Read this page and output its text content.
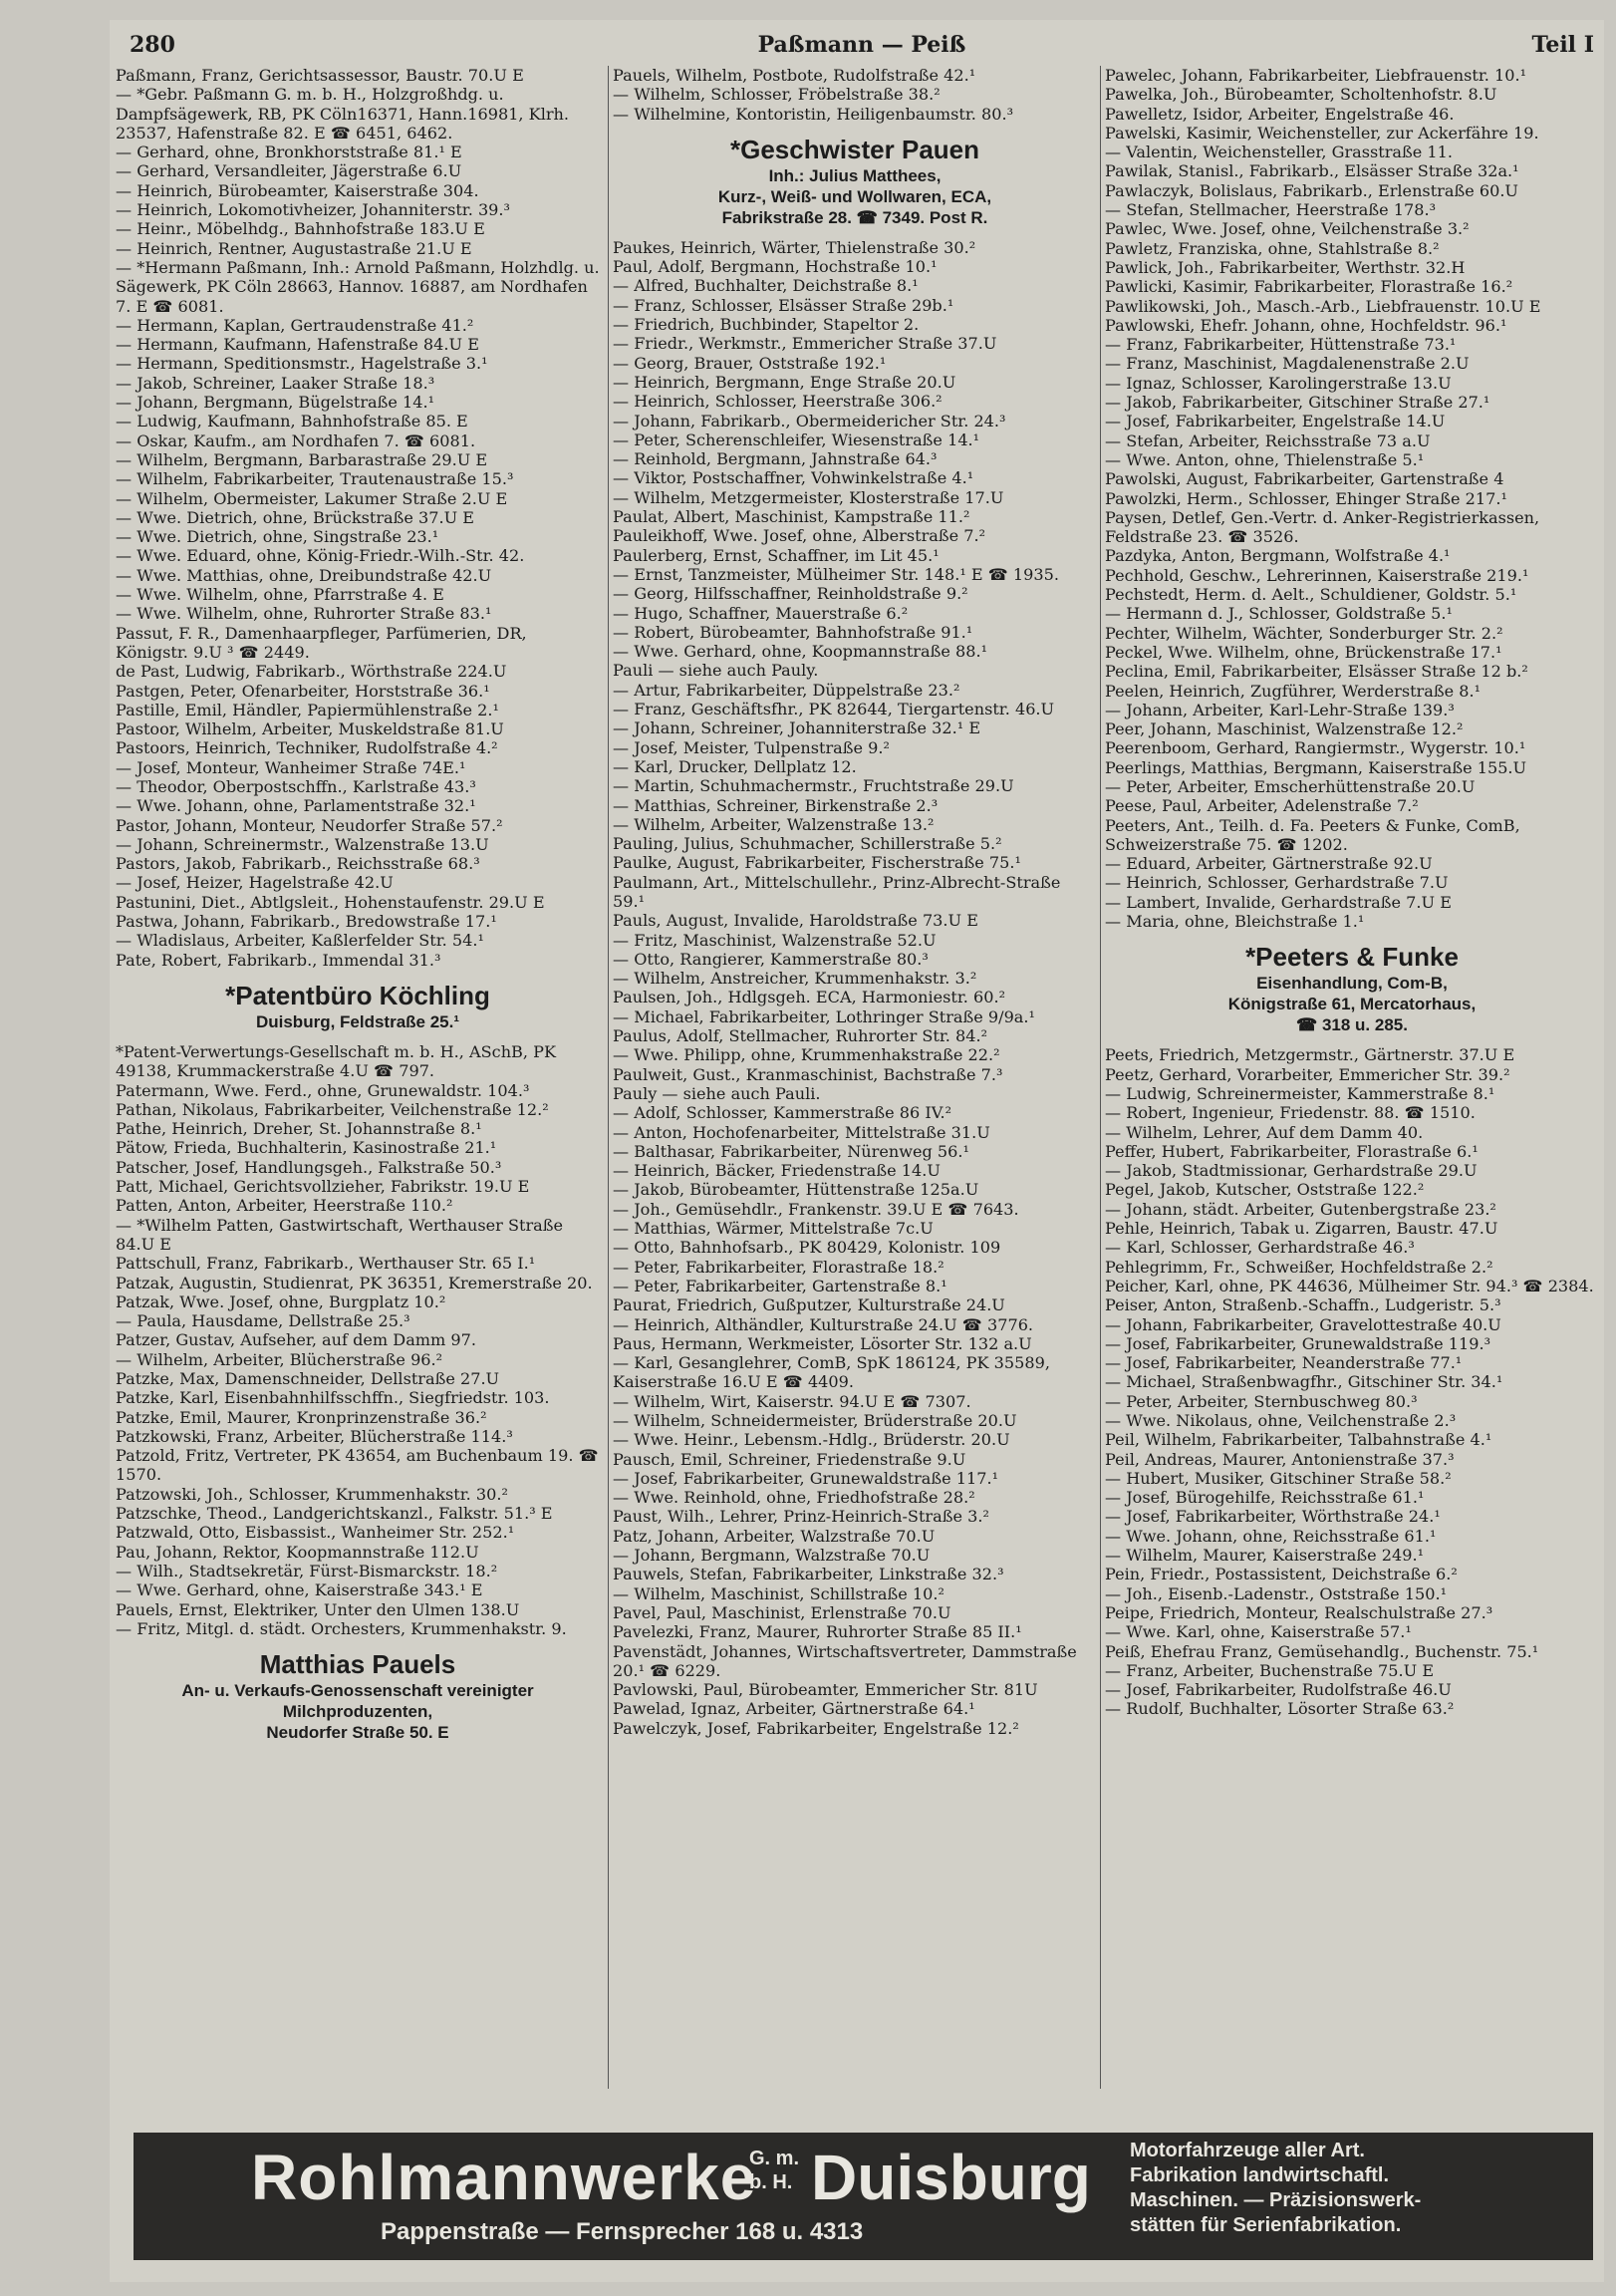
280	Paßmann — Peiß	Teil I
Paßmann, Franz, Gerichtsassessor, Baustr. 70.U E
— *Gebr. Paßmann G. m. b. H., Holzgroßhdg. u. Dampfsägewerk, RB, PK Cöln16371, Hann.16981, Klrh. 23537, Hafenstraße 82. E ☎ 6451, 6462.
— Gerhard, ohne, Bronkhorststraße 81.¹ E
— Gerhard, Versandleiter, Jägerstraße 6.U
— Heinrich, Bürobeamter, Kaiserstraße 304.
— Heinrich, Lokomotivheizer, Johanniterstr. 39.³
— Heinr., Möbelhdg., Bahnhofstraße 183.U E
— Heinrich, Rentner, Augustastraße 21.U E
— *Hermann Paßmann, Inh.: Arnold Paßmann, Holzhdlg. u. Sägewerk, PK Cöln 28663, Hannov. 16887, am Nordhafen 7. E ☎ 6081.
— Hermann, Kaplan, Gertraudenstraße 41.²
— Hermann, Kaufmann, Hafenstraße 84.U E
— Hermann, Speditionsmstr., Hagelstraße 3.¹
— Jakob, Schreiner, Laaker Straße 18.³
— Johann, Bergmann, Bügelstraße 14.¹
— Ludwig, Kaufmann, Bahnhofstraße 85. E
— Oskar, Kaufm., am Nordhafen 7. ☎ 6081.
— Wilhelm, Bergmann, Barbarastraße 29.U E
— Wilhelm, Fabrikarbeiter, Trautenaustraße 15.³
— Wilhelm, Obermeister, Lakumer Straße 2.U E
— Wwe. Dietrich, ohne, Brückstraße 37.U E
— Wwe. Dietrich, ohne, Singstraße 23.¹
— Wwe. Eduard, ohne, König-Friedr.-Wilh.-Str. 42.
— Wwe. Matthias, ohne, Dreibundstraße 42.U
— Wwe. Wilhelm, ohne, Pfarrstraße 4. E
— Wwe. Wilhelm, ohne, Ruhrorter Straße 83.¹
Passut, F. R., Damenhaarpfleger, Parfümerien, DR, Königstr. 9.U ³ ☎ 2449.
de Past, Ludwig, Fabrikarb., Wörthstraße 224.U
Pastgen, Peter, Ofenarbeiter, Horststraße 36.¹
Pastille, Emil, Händler, Papiermühlenstraße 2.¹
Pastoor, Wilhelm, Arbeiter, Muskeldstraße 81.U
Pastoors, Heinrich, Techniker, Rudolfstraße 4.²
— Josef, Monteur, Wanheimer Straße 74E.¹
— Theodor, Oberpostschffn., Karlstraße 43.³
— Wwe. Johann, ohne, Parlamentstraße 32.¹
Pastor, Johann, Monteur, Neudorfer Straße 57.²
— Johann, Schreinermstr., Walzenstraße 13.U
Pastors, Jakob, Fabrikarb., Reichsstraße 68.³
— Josef, Heizer, Hagelstraße 42.U
Pastunini, Diet., Abtlgsleit., Hohenstaufenstr. 29.U E
Pastwa, Johann, Fabrikarb., Bredowstraße 17.¹
— Wladislaus, Arbeiter, Kaßlerfelder Str. 54.¹
Pate, Robert, Fabrikarb., Immendal 31.³
*Patentbüro Köchling
Duisburg, Feldstraße 25.¹
*Patent-Verwertungs-Gesellschaft m. b. H., ASchB, PK 49138, Krummackerstraße 4.U ☎ 797.
Patermann, Wwe. Ferd., ohne, Grunewaldstr. 104.³
Pathan, Nikolaus, Fabrikarbeiter, Veilchenstraße 12.²
Pathe, Heinrich, Dreher, St. Johannstraße 8.¹
Pätow, Frieda, Buchhalterin, Kasinostraße 21.¹
Patscher, Josef, Handlungsgeh., Falkstraße 50.³
Patt, Michael, Gerichtsvollzieher, Fabrikstr. 19.U E
Patten, Anton, Arbeiter, Heerstraße 110.²
— *Wilhelm Patten, Gastwirtschaft, Werthauser Straße 84.U E
Pattschull, Franz, Fabrikarb., Werthauser Str. 65 I.¹
Patzak, Augustin, Studienrat, PK 36351, Kremerstraße 20.
Patzak, Wwe. Josef, ohne, Burgplatz 10.²
— Paula, Hausdame, Dellstraße 25.³
Patzer, Gustav, Aufseher, auf dem Damm 97.
— Wilhelm, Arbeiter, Blücherstraße 96.²
Patzke, Max, Damenschneider, Dellstraße 27.U
Patzke, Karl, Eisenbahnhilfsschffn., Siegfriedstr. 103.
Patzke, Emil, Maurer, Kronprinzenstraße 36.²
Patzkowski, Franz, Arbeiter, Blücherstraße 114.³
Patzold, Fritz, Vertreter, PK 43654, am Buchenbaum 19. ☎ 1570.
Patzowski, Joh., Schlosser, Krummenhakstr. 30.²
Patzschke, Theod., Landgerichtskanzl., Falkstr. 51.³ E
Patzwald, Otto, Eisbassist., Wanheimer Str. 252.¹
Pau, Johann, Rektor, Koopmannstraße 112.U
— Wilh., Stadtsekretär, Fürst-Bismarckstr. 18.²
— Wwe. Gerhard, ohne, Kaiserstraße 343.¹ E
Pauels, Ernst, Elektriker, Unter den Ulmen 138.U
— Fritz, Mitgl. d. städt. Orchesters, Krummenhakstr. 9.
Matthias Pauels
An- u. Verkaufs-Genossenschaft vereinigter
Milchproduzenten,
Neudorfer Straße 50. E
Pauels, Wilhelm, Postbote, Rudolfstraße 42.¹
— Wilhelm, Schlosser, Fröbelstraße 38.²
— Wilhelmine, Kontoristin, Heiligenbaumstr. 80.³
*Geschwister Pauen
Inh.: Julius Matthees,
Kurz-, Weiß- und Wollwaren, ECA,
Fabrikstraße 28. ☎ 7349. Post R.
Paukes, Heinrich, Wärter, Thielenstraße 30.²
Paul, Adolf, Bergmann, Hochstraße 10.¹
— Alfred, Buchhalter, Deichstraße 8.¹
— Franz, Schlosser, Elsässer Straße 29b.¹
— Friedrich, Buchbinder, Stapeltor 2.
— Friedr., Werkmstr., Emmericher Straße 37.U
— Georg, Brauer, Oststraße 192.¹
— Heinrich, Bergmann, Enge Straße 20.U
— Heinrich, Schlosser, Heerstraße 306.²
— Johann, Fabrikarb., Obermeidericher Str. 24.³
— Peter, Scherenschleifer, Wiesenstraße 14.¹
— Reinhold, Bergmann, Jahnstraße 64.³
— Viktor, Postschaffner, Vohwinkelstraße 4.¹
— Wilhelm, Metzgermeister, Klosterstraße 17.U
Paulat, Albert, Maschinist, Kampstraße 11.²
Pauleikhoff, Wwe. Josef, ohne, Alberstraße 7.²
Paulerberg, Ernst, Schaffner, im Lit 45.¹
— Ernst, Tanzmeister, Mülheimer Str. 148.¹ E ☎ 1935.
— Georg, Hilfsschaffner, Reinholdstraße 9.²
— Hugo, Schaffner, Mauerstraße 6.²
— Robert, Bürobeamter, Bahnhofstraße 91.¹
— Wwe. Gerhard, ohne, Koopmannstraße 88.¹
Pauli — siehe auch Pauly.
— Artur, Fabrikarbeiter, Düppelstraße 23.²
— Franz, Geschäftsfhr., PK 82644, Tiergartenstr. 46.U
— Johann, Schreiner, Johanniterstraße 32.¹ E
— Josef, Meister, Tulpenstraße 9.²
— Karl, Drucker, Dellplatz 12.
— Martin, Schuhmachermstr., Fruchtstraße 29.U
— Matthias, Schreiner, Birkenstraße 2.³
— Wilhelm, Arbeiter, Walzenstraße 13.²
Pauling, Julius, Schuhmacher, Schillerstraße 5.²
Paulke, August, Fabrikarbeiter, Fischerstraße 75.¹
Paulmann, Art., Mittelschullehr., Prinz-Albrecht-Straße 59.¹
Pauls, August, Invalide, Haroldstraße 73.U E
— Fritz, Maschinist, Walzenstraße 52.U
— Otto, Rangierer, Kammerstraße 80.³
— Wilhelm, Anstreicher, Krummenhakstr. 3.²
Paulsen, Joh., Hdlgsgeh. ECA, Harmoniestr. 60.²
— Michael, Fabrikarbeiter, Lothringer Straße 9/9a.¹
Paulus, Adolf, Stellmacher, Ruhrorter Str. 84.²
— Wwe. Philipp, ohne, Krummenhakstraße 22.²
Paulweit, Gust., Kranmaschinist, Bachstraße 7.³
Pauly — siehe auch Pauli.
— Adolf, Schlosser, Kammerstraße 86 IV.²
— Anton, Hochofenarbeiter, Mittelstraße 31.U
— Balthasar, Fabrikarbeiter, Nürenweg 56.¹
— Heinrich, Bäcker, Friedenstraße 14.U
— Jakob, Bürobeamter, Hüttenstraße 125a.U
— Joh., Gemüsehdlr., Frankenstr. 39.U E ☎ 7643.
— Matthias, Wärmer, Mittelstraße 7c.U
— Otto, Bahnhofsarb., PK 80429, Kolonistr. 109
— Peter, Fabrikarbeiter, Florastraße 18.²
— Peter, Fabrikarbeiter, Gartenstraße 8.¹
Paurat, Friedrich, Gußputzer, Kulturstraße 24.U
— Heinrich, Althändler, Kulturstraße 24.U ☎ 3776.
Paus, Hermann, Werkmeister, Lösorter Str. 132 a.U
— Karl, Gesanglehrer, ComB, SpK 186124, PK 35589, Kaiserstraße 16.U E ☎ 4409.
— Wilhelm, Wirt, Kaiserstr. 94.U E ☎ 7307.
— Wilhelm, Schneidermeister, Brüderstraße 20.U
— Wwe. Heinr., Lebensm.-Hdlg., Brüderstr. 20.U
Pausch, Emil, Schreiner, Friedenstraße 9.U
— Josef, Fabrikarbeiter, Grunewaldstraße 117.¹
— Wwe. Reinhold, ohne, Friedhofstraße 28.²
Paust, Wilh., Lehrer, Prinz-Heinrich-Straße 3.²
Patz, Johann, Arbeiter, Walzstraße 70.U
— Johann, Bergmann, Walzstraße 70.U
Pauwels, Stefan, Fabrikarbeiter, Linkstraße 32.³
— Wilhelm, Maschinist, Schillstraße 10.²
Pavel, Paul, Maschinist, Erlenstraße 70.U
Pavelezki, Franz, Maurer, Ruhrorter Straße 85 II.¹
Pavenstädt, Johannes, Wirtschaftsvertreter, Dammstraße 20.¹ ☎ 6229.
Pavlowski, Paul, Bürobeamter, Emmericher Str. 81U
Pawelad, Ignaz, Arbeiter, Gärtnerstraße 64.¹
Pawelczyk, Josef, Fabrikarbeiter, Engelstraße 12.²
Pawelec, Johann, Fabrikarbeiter, Liebfrauenstr. 10.¹
Pawelka, Joh., Bürobeamter, Scholtenhofstr. 8.U
Pawelletz, Isidor, Arbeiter, Engelstraße 46.
Pawelski, Kasimir, Weichensteller, zur Ackerfähre 19.
— Valentin, Weichensteller, Grasstraße 11.
Pawilak, Stanisl., Fabrikarb., Elsässer Straße 32a.¹
Pawlaczyk, Bolislaus, Fabrikarb., Erlenstraße 60.U
— Stefan, Stellmacher, Heerstraße 178.³
Pawlec, Wwe. Josef, ohne, Veilchenstraße 3.²
Pawletz, Franziska, ohne, Stahlstraße 8.²
Pawlick, Joh., Fabrikarbeiter, Werthstr. 32.H
Pawlicki, Kasimir, Fabrikarbeiter, Florastraße 16.²
Pawlikowski, Joh., Masch.-Arb., Liebfrauenstr. 10.U E
Pawlowski, Ehefr. Johann, ohne, Hochfeldstr. 96.¹
— Franz, Fabrikarbeiter, Hüttenstraße 73.¹
— Franz, Maschinist, Magdalenenstraße 2.U
— Ignaz, Schlosser, Karolingerstraße 13.U
— Jakob, Fabrikarbeiter, Gitschiner Straße 27.¹
— Josef, Fabrikarbeiter, Engelstraße 14.U
— Stefan, Arbeiter, Reichsstraße 73 a.U
— Wwe. Anton, ohne, Thielenstraße 5.¹
Pawolski, August, Fabrikarbeiter, Gartenstraße 4
Pawolzki, Herm., Schlosser, Ehinger Straße 217.¹
Paysen, Detlef, Gen.-Vertr. d. Anker-Registrierkassen, Feldstraße 23. ☎ 3526.
Pazdyka, Anton, Bergmann, Wolfstraße 4.¹
Pechhold, Geschw., Lehrerinnen, Kaiserstraße 219.¹
Pechstedt, Herm. d. Aelt., Schuldiener, Goldstr. 5.¹
— Hermann d. J., Schlosser, Goldstraße 5.¹
Pechter, Wilhelm, Wächter, Sonderburger Str. 2.²
Peckel, Wwe. Wilhelm, ohne, Brückenstraße 17.¹
Peclina, Emil, Fabrikarbeiter, Elsässer Straße 12 b.²
Peelen, Heinrich, Zugführer, Werderstraße 8.¹
— Johann, Arbeiter, Karl-Lehr-Straße 139.³
Peer, Johann, Maschinist, Walzenstraße 12.²
Peerenboom, Gerhard, Rangiermstr., Wygerstr. 10.¹
Peerlings, Matthias, Bergmann, Kaiserstraße 155.U
— Peter, Arbeiter, Emscherhüttenstraße 20.U
Peese, Paul, Arbeiter, Adelenstraße 7.²
Peeters, Ant., Teilh. d. Fa. Peeters & Funke, ComB, Schweizerstraße 75. ☎ 1202.
— Eduard, Arbeiter, Gärtnerstraße 92.U
— Heinrich, Schlosser, Gerhardstraße 7.U
— Lambert, Invalide, Gerhardstraße 7.U E
— Maria, ohne, Bleichstraße 1.¹
*Peeters & Funke
Eisenhandlung, Com-B,
Königstraße 61, Mercatorhaus,
☎ 318 u. 285.
Peets, Friedrich, Metzgermstr., Gärtnerstr. 37.U E
Peetz, Gerhard, Vorarbeiter, Emmericher Str. 39.²
— Ludwig, Schreinermeister, Kammerstraße 8.¹
— Robert, Ingenieur, Friedenstr. 88. ☎ 1510.
— Wilhelm, Lehrer, Auf dem Damm 40.
Peffer, Hubert, Fabrikarbeiter, Florastraße 6.¹
— Jakob, Stadtmissionar, Gerhardstraße 29.U
Pegel, Jakob, Kutscher, Oststraße 122.²
— Johann, städt. Arbeiter, Gutenbergstraße 23.²
Pehle, Heinrich, Tabak u. Zigarren, Baustr. 47.U
— Karl, Schlosser, Gerhardstraße 46.³
Pehlegrimm, Fr., Schweißer, Hochfeldstraße 2.²
Peicher, Karl, ohne, PK 44636, Mülheimer Str. 94.³ ☎ 2384.
Peiser, Anton, Straßenb.-Schaffn., Ludgeristr. 5.³
— Johann, Fabrikarbeiter, Gravelottestraße 40.U
— Josef, Fabrikarbeiter, Grunewaldstraße 119.³
— Josef, Fabrikarbeiter, Neanderstraße 77.¹
— Michael, Straßenbwagfhr., Gitschiner Str. 34.¹
— Peter, Arbeiter, Sternbuschweg 80.³
— Wwe. Nikolaus, ohne, Veilchenstraße 2.³
Peil, Wilhelm, Fabrikarbeiter, Talbahnstraße 4.¹
Peil, Andreas, Maurer, Antonienstraße 37.³
— Hubert, Musiker, Gitschiner Straße 58.²
— Josef, Bürogehilfe, Reichsstraße 61.¹
— Josef, Fabrikarbeiter, Wörthstraße 24.¹
— Wwe. Johann, ohne, Reichsstraße 61.¹
— Wilhelm, Maurer, Kaiserstraße 249.¹
Pein, Friedr., Postassistent, Deichstraße 6.²
— Joh., Eisenb.-Ladenstr., Oststraße 150.¹
Peipe, Friedrich, Monteur, Realschulstraße 27.³
— Wwe. Karl, ohne, Kaiserstraße 57.¹
Peiß, Ehefrau Franz, Gemüsehandlg., Buchenstr. 75.¹
— Franz, Arbeiter, Buchenstraße 75.U E
— Josef, Fabrikarbeiter, Rudolfstraße 46.U
— Rudolf, Buchhalter, Lösorter Straße 63.²
Rohlmannwerke
G. m. b. H. Duisburg
Pappenstraße — Fernsprecher 168 u. 4313
Motorfahrzeuge aller Art.
Fabrikation landwirtschaftl.
Maschinen. — Präzisionswerk-
stätten für Serienfabrikation.
